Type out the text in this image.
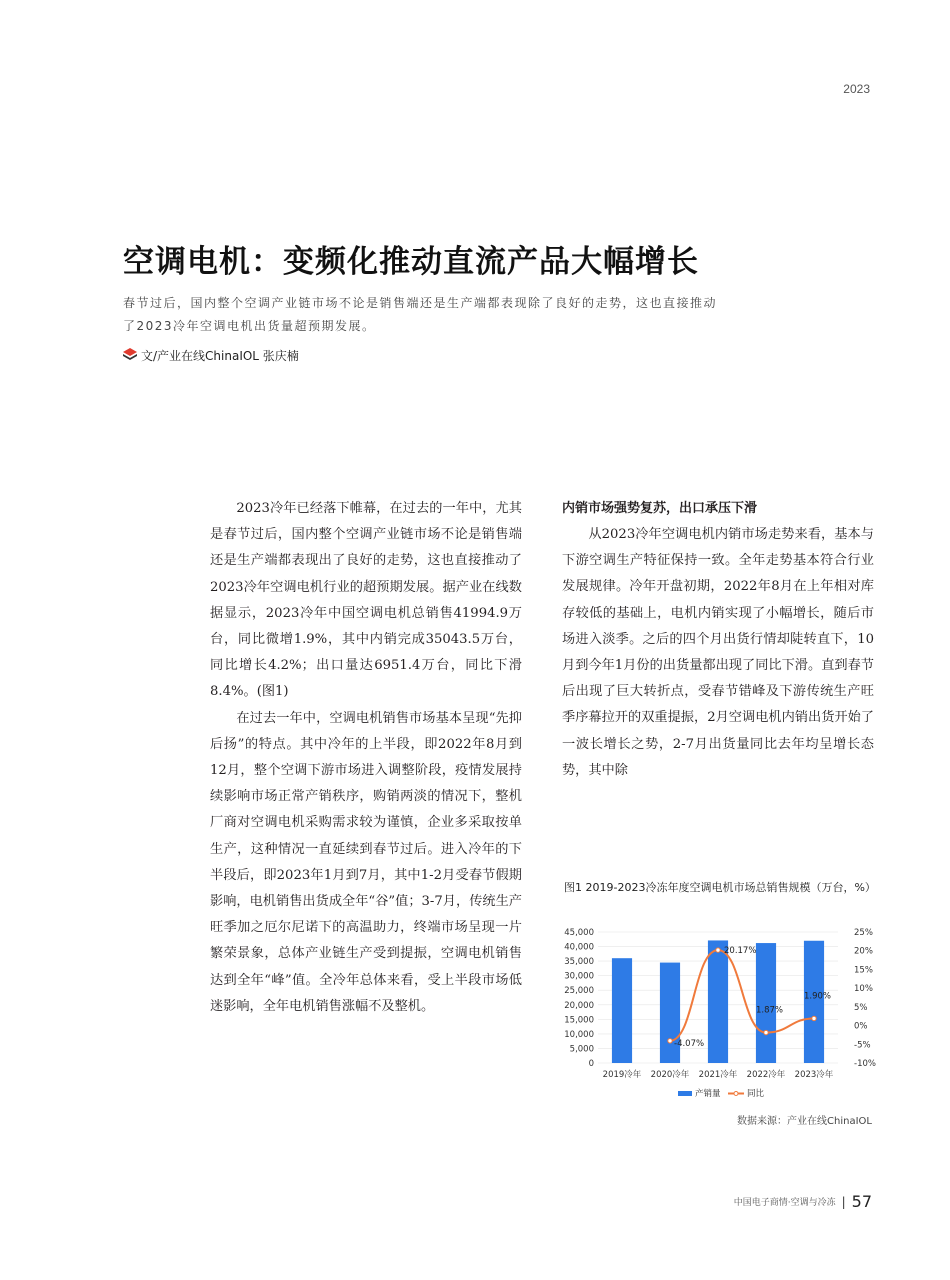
2023
空调电机：变频化推动直流产品大幅增长

春节过后，国内整个空调产业链市场不论是销售端还是生产端都表现除了良好的走势，这也直接推动了2023冷年空调电机出货量超预期发展。

文/产业在线ChinaIOL 张庆楠

2023冷年已经落下帷幕，在过去的一年中，尤其是春节过后，国内整个空调产业链市场不论是销售端还是生产端都表现出了良好的走势，这也直接推动了2023冷年空调电机行业的超预期发展。据产业在线数据显示，2023冷年中国空调电机总销售41994.9万台，同比微增1.9%，其中内销完成35043.5万台，同比增长4.2%；出口量达6951.4万台，同比下滑8.4%。(图1)

在过去一年中，空调电机销售市场基本呈现“先抑后扬”的特点。其中冷年的上半段，即2022年8月到12月，整个空调下游市场进入调整阶段，疫情发展持续影响市场正常产销秩序，购销两淡的情况下，整机厂商对空调电机采购需求较为谨慎，企业多采取按单生产，这种情况一直延续到春节过后。进入冷年的下半段后，即2023年1月到7月，其中1-2月受春节假期影响，电机销售出货成全年“谷”值；3-7月，传统生产旺季加之厄尔尼诺下的高温助力，终端市场呈现一片繁荣景象，总体产业链生产受到提振，空调电机销售达到全年“峰”值。全冷年总体来看，受上半段市场低迷影响，全年电机销售涨幅不及整机。

内销市场强势复苏，出口承压下滑

从2023冷年空调电机内销市场走势来看，基本与下游空调生产特征保持一致。全年走势基本符合行业发展规律。冷年开盘初期，2022年8月在上年相对库存较低的基础上，电机内销实现了小幅增长，随后市场进入淡季。之后的四个月出货行情却陡转直下，10月到今年1月份的出货量都出现了同比下滑。直到春节后出现了巨大转折点，受春节错峰及下游传统生产旺季序幕拉开的双重提振，2月空调电机内销出货开始了一波长增长之势，2-7月出货量同比去年均呈增长态势，其中除

图1 2019-2023冷冻年度空调电机市场总销售规模（万台，%）
0
5,000
10,000
15,000
20,000
25,000
30,000
35,000
40,000
45,000
-10%
-5%
0%
5%
10%
15%
20%
25%
2019冷年 2020冷年 2021冷年 2022冷年 2023冷年
-4.07%
20.17%
1.87%
1.90%
产销量	同比
数据来源：产业在线ChinaIOL
中国电子商情·空调与冷冻 | 57
